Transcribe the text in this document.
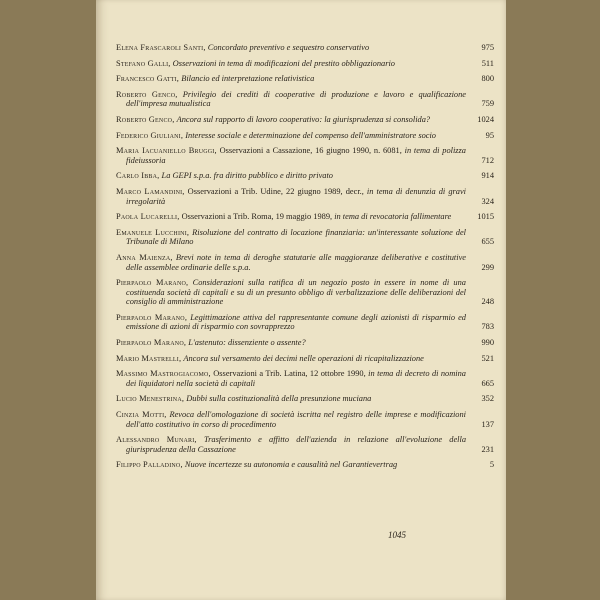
Elena Frascaroli Santi, Concordato preventivo e sequestro conservativo	975
Stefano Galli, Osservazioni in tema di modificazioni del prestito obbligazionario	511
Francesco Gatti, Bilancio ed interpretazione relativistica	800
Roberto Genco, Privilegio dei crediti di cooperative di produzione e lavoro e qualificazione dell'impresa mutualistica	759
Roberto Genco, Ancora sul rapporto di lavoro cooperativo: la giurisprudenza si consolida?	1024
Federico Giuliani, Interesse sociale e determinazione del compenso dell'amministratore socio	95
Maria Iacuaniello Bruggi, Osservazioni a Cassazione, 16 giugno 1990, n. 6081, in tema di polizza fideiussoria	712
Carlo Ibba, La GEPI s.p.a. fra diritto pubblico e diritto privato	914
Marco Lamandini, Osservazioni a Trib. Udine, 22 giugno 1989, decr., in tema di denunzia di gravi irregolarità	324
Paola Lucarelli, Osservazioni a Trib. Roma, 19 maggio 1989, in tema di revocatoria fallimentare	1015
Emanuele Lucchini, Risoluzione del contratto di locazione finanziaria: un'interessante soluzione del Tribunale di Milano	655
Anna Maienza, Brevi note in tema di deroghe statutarie alle maggioranze deliberative e costitutive delle assemblee ordinarie delle s.p.a.	299
Pierpaolo Marano, Considerazioni sulla ratifica di un negozio posto in essere in nome di una costituenda società di capitali e su di un presunto obbligo di verbalizzazione delle deliberazioni del consiglio di amministrazione	248
Pierpaolo Marano, Legittimazione attiva del rappresentante comune degli azionisti di risparmio ed emissione di azioni di risparmio con sovrapprezzo	783
Pierpaolo Marano, L'astenuto: dissenziente o assente?	990
Mario Mastrelli, Ancora sul versamento dei decimi nelle operazioni di ricapitalizzazione	521
Massimo Mastrogiacomo, Osservazioni a Trib. Latina, 12 ottobre 1990, in tema di decreto di nomina dei liquidatori nella società di capitali	665
Lucio Menestrina, Dubbi sulla costituzionalità della presunzione muciana	352
Cinzia Motti, Revoca dell'omologazione di società iscritta nel registro delle imprese e modificazioni dell'atto costitutivo in corso di procedimento	137
Alessandro Munari, Trasferimento e affitto dell'azienda in relazione all'evoluzione della giurisprudenza della Cassazione	231
Filippo Palladino, Nuove incertezze su autonomia e causalità nel Garantievertrag	5
1045
